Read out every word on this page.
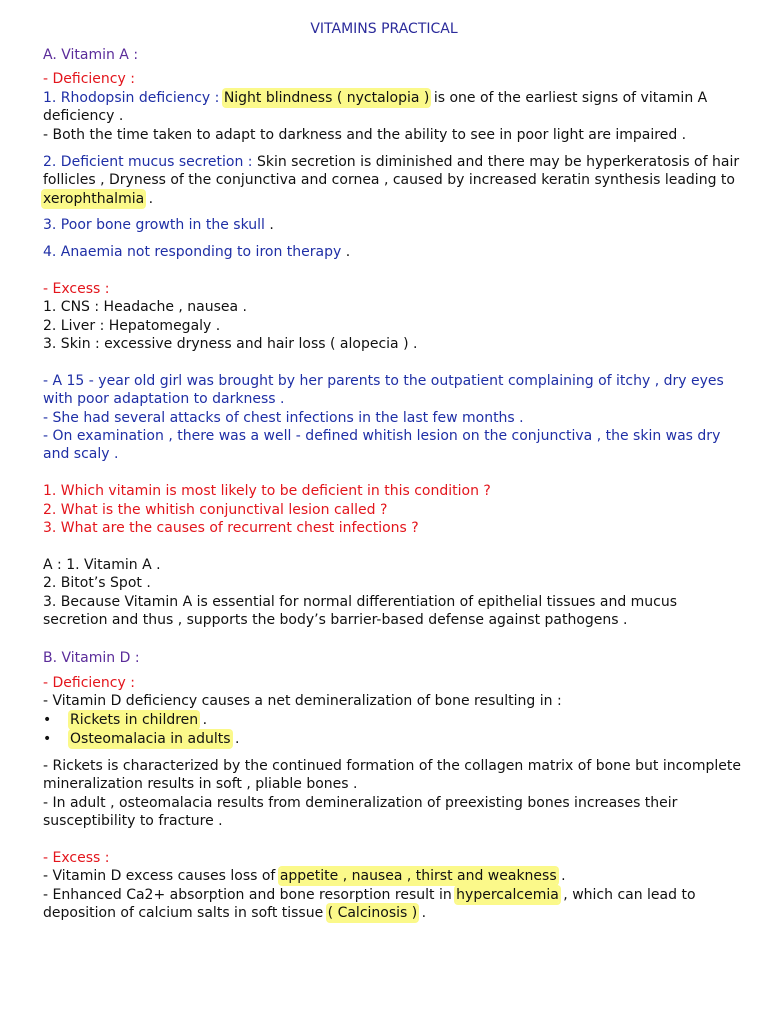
VITAMINS PRACTICAL

A. Vitamin A :

- Deficiency :

1. Rhodopsin deficiency : Night blindness ( nyctalopia ) is one of the earliest signs of vitamin A deficiency .

- Both the time taken to adapt to darkness and the ability to see in poor light are impaired .

2. Deficient mucus secretion : Skin secretion is diminished and there may be hyperkeratosis of hair follicles , Dryness of the conjunctiva and cornea , caused by increased keratin synthesis leading to xerophthalmia .

3. Poor bone growth in the skull .

4. Anaemia not responding to iron therapy .

- Excess :

1. CNS : Headache , nausea .

2. Liver : Hepatomegaly .

3. Skin : excessive dryness and hair loss ( alopecia ) .

- A 15 - year old girl was brought by her parents to the outpatient complaining of itchy , dry eyes with poor adaptation to darkness .

- She had several attacks of chest infections in the last few months .

- On examination , there was a well - defined whitish lesion on the conjunctiva , the skin was dry and scaly .

1. Which vitamin is most likely to be deficient in this condition ?

2. What is the whitish conjunctival lesion called ?

3. What are the causes of recurrent chest infections ?

A : 1. Vitamin A .

2. Bitot’s Spot .

3. Because Vitamin A is essential for normal differentiation of epithelial tissues and mucus secretion and thus , supports the body’s barrier-based defense against pathogens .

B. Vitamin D :

- Deficiency :

- Vitamin D deficiency causes a net demineralization of bone resulting in :

• Rickets in children .

• Osteomalacia in adults .

- Rickets is characterized by the continued formation of the collagen matrix of bone but incomplete mineralization results in soft , pliable bones .

- In adult , osteomalacia results from demineralization of preexisting bones increases their susceptibility to fracture .

- Excess :

- Vitamin D excess causes loss of appetite , nausea , thirst and weakness .

- Enhanced Ca2+ absorption and bone resorption result in hypercalcemia , which can lead to deposition of calcium salts in soft tissue ( Calcinosis ) .
